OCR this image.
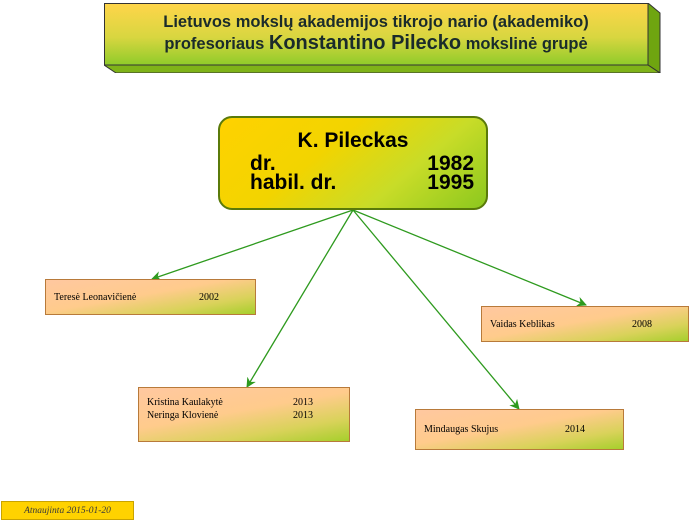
Lietuvos mokslų akademijos tikrojo nario (akademiko)
profesoriaus Konstantino Pilecko mokslinė grupė
K. Pileckas
dr.	1982
habil. dr.	1995
Teresė Leonavičienė	2002
Vaidas Keblikas	2008
Kristina Kaulakytė	2013
Neringa Klovienė	2013
Mindaugas Skujus	2014
Atnaujinta 2015-01-20
